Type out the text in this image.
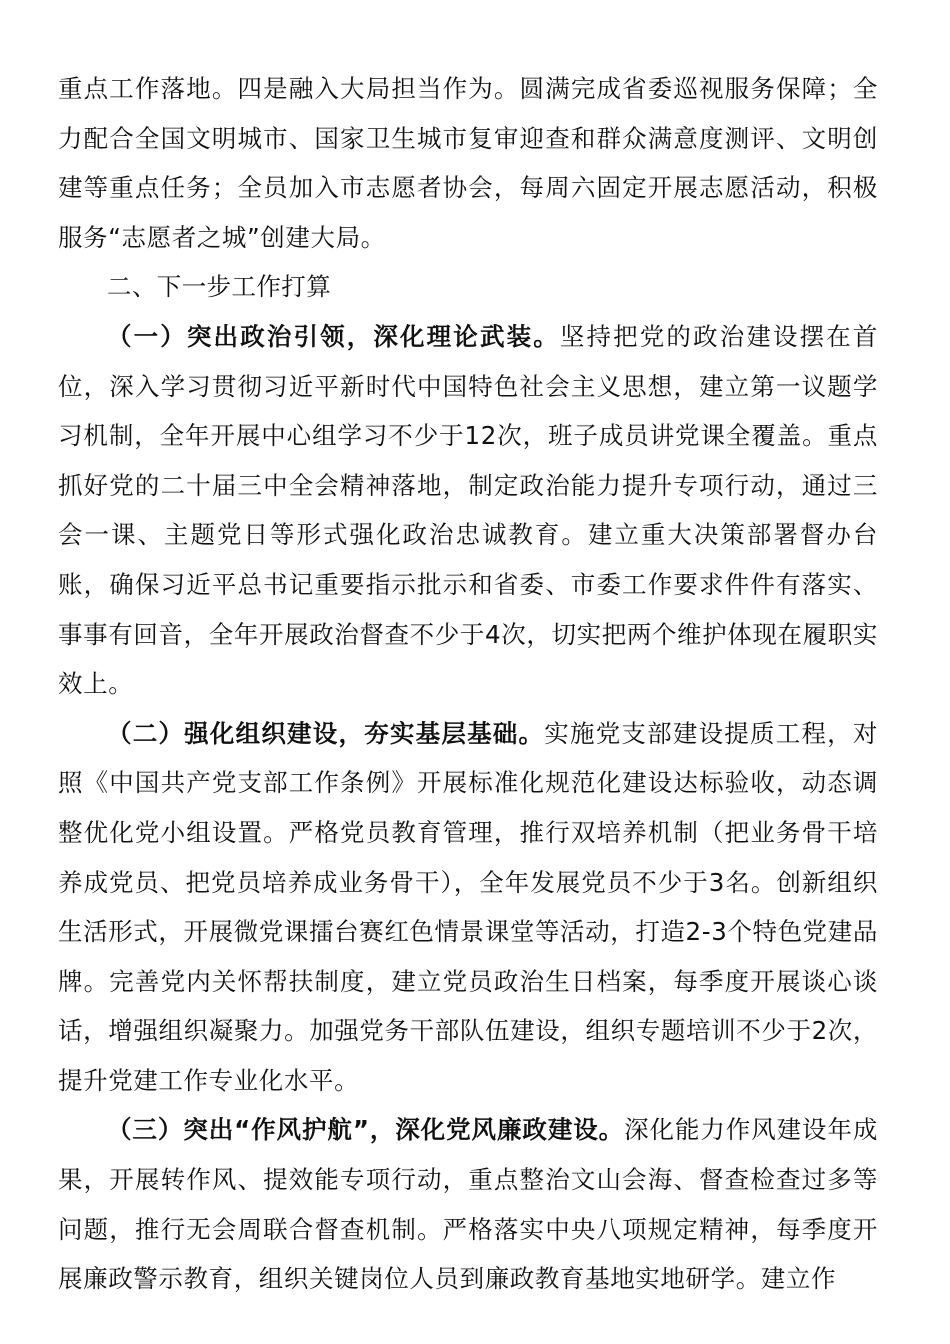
重点工作落地。四是融入大局担当作为。圆满完成省委巡视服务保障；全力配合全国文明城市、国家卫生城市复审迎查和群众满意度测评、文明创建等重点任务；全员加入市志愿者协会，每周六固定开展志愿活动，积极服务“志愿者之城”创建大局。

二、下一步工作打算

（一）突出政治引领，深化理论武装。坚持把党的政治建设摆在首位，深入学习贯彻习近平新时代中国特色社会主义思想，建立第一议题学习机制，全年开展中心组学习不少于12次，班子成员讲党课全覆盖。重点抓好党的二十届三中全会精神落地，制定政治能力提升专项行动，通过三会一课、主题党日等形式强化政治忠诚教育。建立重大决策部署督办台账，确保习近平总书记重要指示批示和省委、市委工作要求件件有落实、事事有回音，全年开展政治督查不少于4次，切实把两个维护体现在履职实效上。

（二）强化组织建设，夯实基层基础。实施党支部建设提质工程，对照《中国共产党支部工作条例》开展标准化规范化建设达标验收，动态调整优化党小组设置。严格党员教育管理，推行双培养机制（把业务骨干培养成党员、把党员培养成业务骨干），全年发展党员不少于3名。创新组织生活形式，开展微党课擂台赛红色情景课堂等活动，打造2-3个特色党建品牌。完善党内关怀帮扶制度，建立党员政治生日档案，每季度开展谈心谈话，增强组织凝聚力。加强党务干部队伍建设，组织专题培训不少于2次，提升党建工作专业化水平。

（三）突出“作风护航”，深化党风廉政建设。深化能力作风建设年成果，开展转作风、提效能专项行动，重点整治文山会海、督查检查过多等问题，推行无会周联合督查机制。严格落实中央八项规定精神，每季度开展廉政警示教育，组织关键岗位人员到廉政教育基地实地研学。建立作
